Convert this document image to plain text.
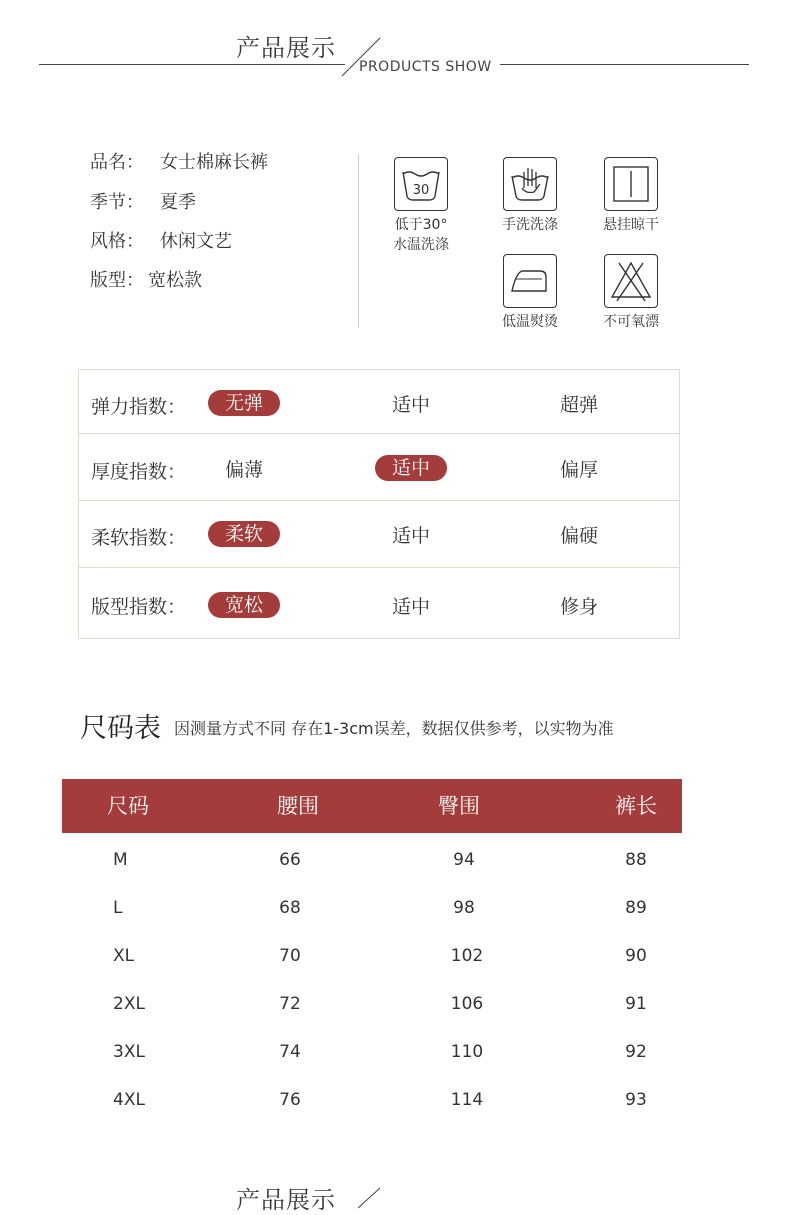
产品展示
PRODUCTS SHOW
品名： 女士棉麻长裤
季节： 夏季
风格： 休闲文艺
版型： 宽松款
30
低于30°
水温洗涤
手洗洗涤	悬挂晾干
低温熨烫	不可氧漂
弹力指数：	无弹	适中	超弹
厚度指数：	偏薄	适中	偏厚
柔软指数：	柔软	适中	偏硬
版型指数：	宽松	适中	修身
尺码表 因测量方式不同 存在1-3cm误差，数据仅供参考，以实物为准
尺码	腰围	臀围	裤长
M	66	94	88
L	68	98	89
XL	70	102	90
2XL	72	106	91
3XL	74	110	92
4XL	76	114	93
产品展示
